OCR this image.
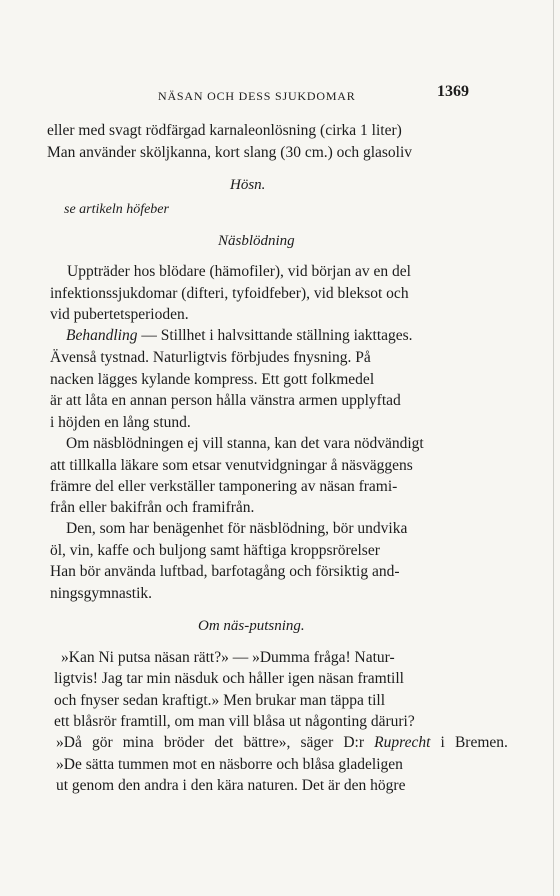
NÄSAN OCH DESS SJUKDOMAR	1369
eller med svagt rödfärgad karnaleonlösning (cirka 1 liter)
Man använder sköljkanna, kort slang (30 cm.) och glasoliv
Hösn.
se artikeln höfeber
Näsblödning
Uppträder hos blödare (hämofiler), vid början av en del
infektionssjukdomar (difteri, tyfoidfeber), vid bleksot och
vid pubertetsperioden.
Behandling — Stillhet i halvsittande ställning iakttages.
Ävenså tystnad. Naturligtvis förbjudes fnysning. På
nacken lägges kylande kompress. Ett gott folkmedel
är att låta en annan person hålla vänstra armen upplyftad
i höjden en lång stund.
Om näsblödningen ej vill stanna, kan det vara nödvändigt
att tillkalla läkare som etsar venutvidgningar å näsväggens
främre del eller verkställer tamponering av näsan frami-
från eller bakifrån och framifrån.
Den, som har benägenhet för näsblödning, bör undvika
öl, vin, kaffe och buljong samt häftiga kroppsrörelser
Han bör använda luftbad, barfotagång och försiktig and-
ningsgymnastik.
Om näs-putsning.
»Kan Ni putsa näsan rätt?» — »Dumma fråga! Natur-
ligtvis! Jag tar min näsduk och håller igen näsan framtill
och fnyser sedan kraftigt.» Men brukar man täppa till
ett blåsrör framtill, om man vill blåsa ut någonting däruri?
»Då gör mina bröder det bättre», säger D:r Ruprecht i Bremen.
»De sätta tummen mot en näsborre och blåsa gladeligen
ut genom den andra i den kära naturen. Det är den högre
